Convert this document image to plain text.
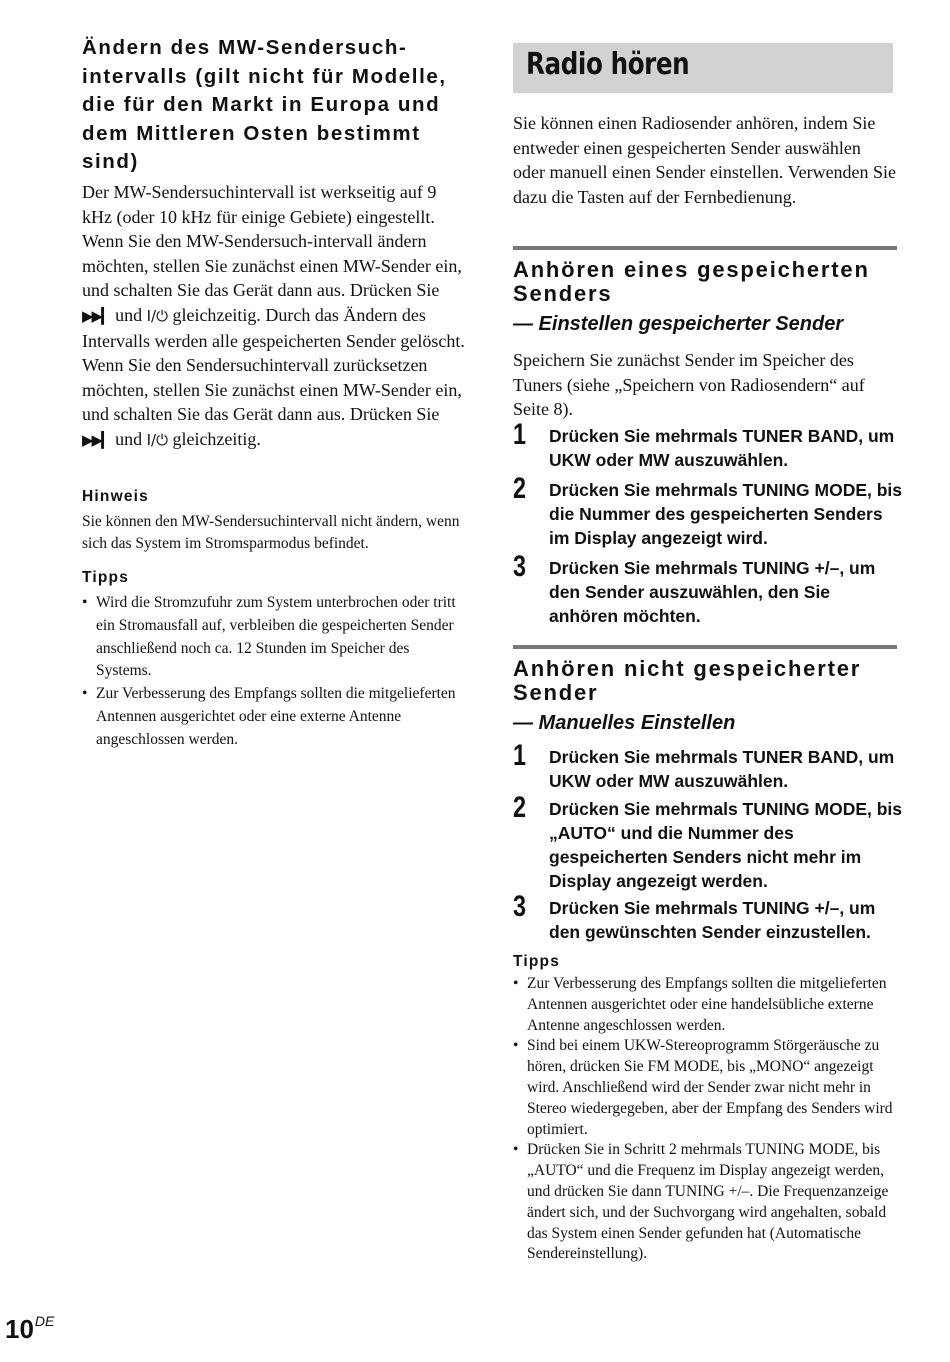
Ändern des MW-Sendersuch-intervalls (gilt nicht für Modelle, die für den Markt in Europa und dem Mittleren Osten bestimmt sind)
Der MW-Sendersuchintervall ist werkseitig auf 9 kHz (oder 10 kHz für einige Gebiete) eingestellt. Wenn Sie den MW-Sendersuch-intervall ändern möchten, stellen Sie zunächst einen MW-Sender ein, und schalten Sie das Gerät dann aus. Drücken Sie ▶▶▎ und I/⏻ gleichzeitig. Durch das Ändern des Intervalls werden alle gespeicherten Sender gelöscht. Wenn Sie den Sendersuchintervall zurücksetzen möchten, stellen Sie zunächst einen MW-Sender ein, und schalten Sie das Gerät dann aus. Drücken Sie ▶▶▎ und I/⏻ gleichzeitig.
Hinweis
Sie können den MW-Sendersuchintervall nicht ändern, wenn sich das System im Stromsparmodus befindet.
Tipps
• Wird die Stromzufuhr zum System unterbrochen oder tritt ein Stromausfall auf, verbleiben die gespeicherten Sender anschließend noch ca. 12 Stunden im Speicher des Systems.
• Zur Verbesserung des Empfangs sollten die mitgelieferten Antennen ausgerichtet oder eine externe Antenne angeschlossen werden.
Radio hören
Sie können einen Radiosender anhören, indem Sie entweder einen gespeicherten Sender auswählen oder manuell einen Sender einstellen. Verwenden Sie dazu die Tasten auf der Fernbedienung.
Anhören eines gespeicherten Senders
— Einstellen gespeicherter Sender
Speichern Sie zunächst Sender im Speicher des Tuners (siehe „Speichern von Radiosendern“ auf Seite 8).
1 Drücken Sie mehrmals TUNER BAND, um UKW oder MW auszuwählen.
2 Drücken Sie mehrmals TUNING MODE, bis die Nummer des gespeicherten Senders im Display angezeigt wird.
3 Drücken Sie mehrmals TUNING +/–, um den Sender auszuwählen, den Sie anhören möchten.
Anhören nicht gespeicherter Sender
— Manuelles Einstellen
1 Drücken Sie mehrmals TUNER BAND, um UKW oder MW auszuwählen.
2 Drücken Sie mehrmals TUNING MODE, bis „AUTO“ und die Nummer des gespeicherten Senders nicht mehr im Display angezeigt werden.
3 Drücken Sie mehrmals TUNING +/–, um den gewünschten Sender einzustellen.
Tipps
• Zur Verbesserung des Empfangs sollten die mitgelieferten Antennen ausgerichtet oder eine handelsübliche externe Antenne angeschlossen werden.
• Sind bei einem UKW-Stereoprogramm Störgeräusche zu hören, drücken Sie FM MODE, bis „MONO“ angezeigt wird. Anschließend wird der Sender zwar nicht mehr in Stereo wiedergegeben, aber der Empfang des Senders wird optimiert.
• Drücken Sie in Schritt 2 mehrmals TUNING MODE, bis „AUTO“ und die Frequenz im Display angezeigt werden, und drücken Sie dann TUNING +/–. Die Frequenzanzeige ändert sich, und der Suchvorgang wird angehalten, sobald das System einen Sender gefunden hat (Automatische Sendereinstellung).
10DE
